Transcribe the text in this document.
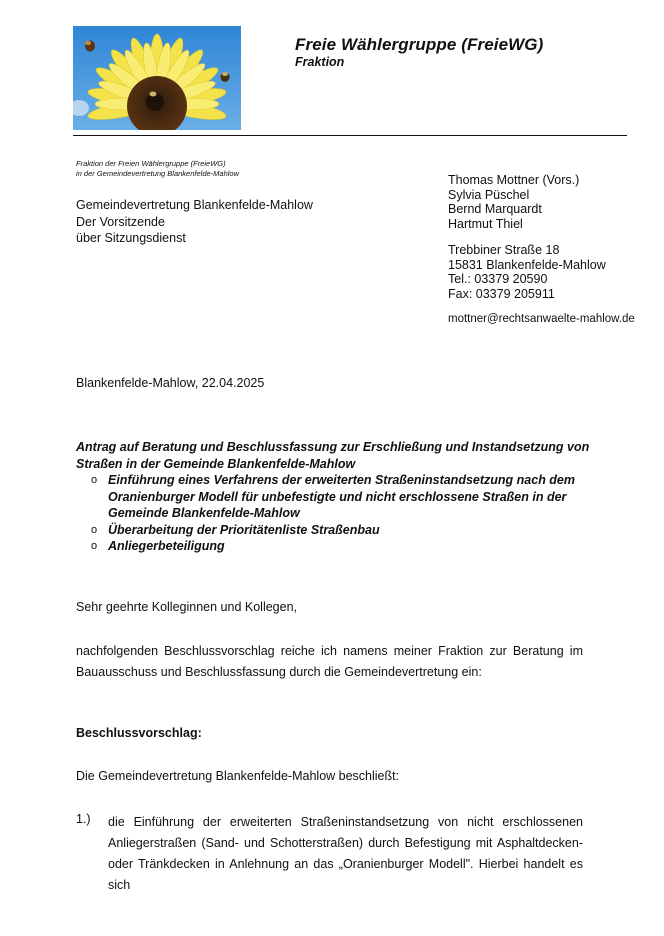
Freie Wählergruppe (FreieWG)
Fraktion
Fraktion der Freien Wählergruppe (FreieWG)
in der Gemeindevertretung Blankenfelde-Mahlow
Gemeindevertretung Blankenfelde-Mahlow
Der Vorsitzende
über Sitzungsdienst
Thomas Mottner (Vors.)
Sylvia Püschel
Bernd Marquardt
Hartmut Thiel
Trebbiner Straße 18
15831 Blankenfelde-Mahlow
Tel.: 03379 20590
Fax: 03379 205911
mottner@rechtsanwaelte-mahlow.de
Blankenfelde-Mahlow, 22.04.2025
Antrag auf Beratung und Beschlussfassung zur Erschließung und Instandsetzung von Straßen in der Gemeinde Blankenfelde-Mahlow
o Einführung eines Verfahrens der erweiterten Straßeninstandsetzung nach dem Oranienburger Modell für unbefestigte und nicht erschlossene Straßen in der Gemeinde Blankenfelde-Mahlow
o Überarbeitung der Prioritätenliste Straßenbau
o Anliegerbeteiligung
Sehr geehrte Kolleginnen und Kollegen,
nachfolgenden Beschlussvorschlag reiche ich namens meiner Fraktion zur Beratung im Bauausschuss und Beschlussfassung durch die Gemeindevertretung ein:
Beschlussvorschlag:
Die Gemeindevertretung Blankenfelde-Mahlow beschließt:
1.) die Einführung der erweiterten Straßeninstandsetzung von nicht erschlossenen Anliegerstraßen (Sand- und Schotterstraßen) durch Befestigung mit Asphaltdecken- oder Tränkdecken in Anlehnung an das „Oranienburger Modell". Hierbei handelt es sich
